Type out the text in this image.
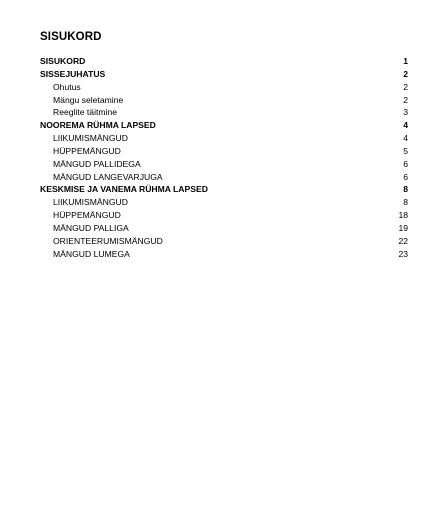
SISUKORD
SISUKORD	1
SISSEJUHATUS	2
Ohutus	2
Mängu seletamine	2
Reeglite täitmine	3
NOOREMA RÜHMA LAPSED	4
LIIKUMISMÄNGUD	4
HÜPPEMÄNGUD	5
MÄNGUD PALLIDEGA	6
MÄNGUD LANGEVARJUGA	6
KESKMISE JA VANEMA RÜHMA LAPSED	8
LIIKUMISMÄNGUD	8
HÜPPEMÄNGUD	18
MÄNGUD PALLIGA	19
ORIENTEERUMISMÄNGUD	22
MÄNGUD LUMEGA	23
